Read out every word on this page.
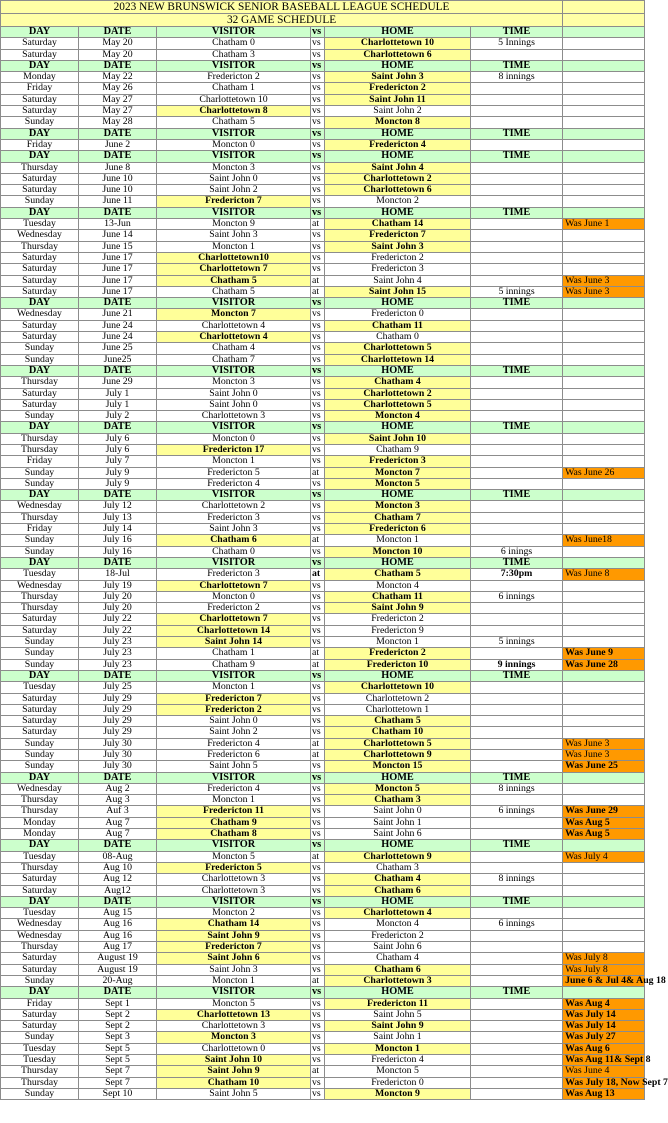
2023 NEW BRUNSWICK SENIOR BASEBALL LEAGUE SCHEDULE						
32 GAME SCHEDULE						
DAY	DATE	VISITOR	vs	HOME	TIME	
Saturday	May 20	Chatham 0	vs	Charlottetown 10	5 Innings	
Saturday	May 20	Chatham 3	vs	Charlottetown 6		
DAY	DATE	VISITOR	vs	HOME	TIME	
Monday	May 22	Fredericton 2	vs	Saint John 3	8 innings	
Friday	May 26	Chatham 1	vs	Fredericton 2		
Saturday	May 27	Charlottetown 10	vs	Saint John 11		
Saturday	May 27	Charlottetown 8	vs	Saint John 2		
Sunday	May 28	Chatham 5	vs	Moncton 8		
DAY	DATE	VISITOR	vs	HOME	TIME	
Friday	June 2	Moncton 0	vs	Fredericton 4		
DAY	DATE	VISITOR	vs	HOME	TIME	
Thursday	June 8	Moncton 3	vs	Saint John 4		
Saturday	June 10	Saint John 0	vs	Charlottetown 2		
Saturday	June 10	Saint John 2	vs	Charlottetown 6		
Sunday	June 11	Fredericton 7	vs	Moncton 2		
DAY	DATE	VISITOR	vs	HOME	TIME	
Tuesday	13-Jun	Moncton 9	at	Chatham 14		Was June 1
Wednesday	June 14	Saint John 3	vs	Fredericton 7		
Thursday	June 15	Moncton 1	vs	Saint John 3		
Saturday	June 17	Charlottetown10	vs	Fredericton 2		
Saturday	June 17	Charlottetown 7	vs	Fredericton 3		
Saturday	June 17	Chatham 5	at	Saint John 4		Was June 3
Saturday	June 17	Chatham 5	at	Saint John 15	5 innings	Was June 3
DAY	DATE	VISITOR	vs	HOME	TIME	
Wednesday	June 21	Moncton 7	vs	Fredericton 0		
Saturday	June 24	Charlottetown 4	vs	Chatham 11		
Saturday	June 24	Charlottetown 4	vs	Chatham 0		
Sunday	June 25	Chatham 4	vs	Charlottetown 5		
Sunday	June25	Chatham 7	vs	Charlottetown 14		
DAY	DATE	VISITOR	vs	HOME	TIME	
Thursday	June 29	Moncton 3	vs	Chatham 4		
Saturday	July 1	Saint John 0	vs	Charlottetown 2		
Saturday	July 1	Saint John 0	vs	Charlottetown 5		
Sunday	July 2	Charlottetown 3	vs	Moncton 4		
DAY	DATE	VISITOR	vs	HOME	TIME	
Thursday	July 6	Moncton 0	vs	Saint John 10		
Thursday	July 6	Fredericton 17	vs	Chatham 9		
Friday	July 7	Moncton 1	vs	Fredericton 3		
Sunday	July 9	Fredericton 5	at	Moncton 7		Was June 26
Sunday	July 9	Fredericton 4	vs	Moncton 5		
DAY	DATE	VISITOR	vs	HOME	TIME	
Wednesday	July 12	Charlottetown 2	vs	Moncton 3		
Thursday	July 13	Fredericton 3	vs	Chatham 7		
Friday	July 14	Saint John 3	vs	Fredericton 6		
Sunday	July 16	Chatham 6	at	Moncton 1		Was June18
Sunday	July 16	Chatham 0	vs	Moncton 10	6 inings	
DAY	DATE	VISITOR	vs	HOME	TIME	
Tuesday	18-Jul	Fredericton 3	at	Chatham 5	7:30pm	Was June 8
Wednesday	July 19	Charlottetown 7	vs	Moncton 4		
Thursday	July 20	Moncton 0	vs	Chatham 11	6 innings	
Thursday	July 20	Fredericton 2	vs	Saint John 9		
Saturday	July 22	Charlottetown 7	vs	Fredericton 2		
Saturday	July 22	Charlottetown 14	vs	Fredericton 9		
Sunday	July 23	Saint John 14	vs	Moncton 1	5 innings	
Sunday	July 23	Chatham 1	at	Fredericton 2		Was June 9
Sunday	July 23	Chatham 9	at	Fredericton 10	9 innings	Was June 28
DAY	DATE	VISITOR	vs	HOME	TIME	
Tuesday	July 25	Moncton 1	vs	Charlottetown 10		
Saturday	July 29	Fredericton 7	vs	Charlottetown 2		
Saturday	July 29	Fredericton 2	vs	Charlottetown 1		
Saturday	July 29	Saint John 0	vs	Chatham 5		
Saturday	July 29	Saint John 2	vs	Chatham 10		
Sunday	July 30	Fredericton 4	at	Charlottetown 5		Was June 3
Sunday	July 30	Fredericton 6	at	Charlottetown 9		Was June 3
Sunday	July 30	Saint John 5	vs	Moncton 15		Was June 25
DAY	DATE	VISITOR	vs	HOME	TIME	
Wednesday	Aug 2	Fredericton 4	vs	Moncton 5	8 innings	
Thursday	Aug 3	Moncton 1	vs	Chatham 3		
Thursday	Auf 3	Fredericton 11	vs	Saint John 0	6 innings	Was June 29
Monday	Aug 7	Chatham 9	vs	Saint John 1		Was Aug 5
Monday	Aug 7	Chatham 8	vs	Saint John 6		Was Aug 5
DAY	DATE	VISITOR	vs	HOME	TIME	
Tuesday	08-Aug	Moncton 5	at	Charlottetown 9		Was July 4
Thursday	Aug 10	Fredericton 5	vs	Chatham 3		
Saturday	Aug 12	Charlottetown 3	vs	Chatham 4	8 innings	
Saturday	Aug12	Charlottetown 3	vs	Chatham 6		
DAY	DATE	VISITOR	vs	HOME	TIME	
Tuesday	Aug 15	Moncton 2	vs	Charlottetown 4		
Wednesday	Aug 16	Chatham 14	vs	Moncton 4	6 innings	
Wednesday	Aug 16	Saint John 9	vs	Fredericton 2		
Thursday	Aug 17	Fredericton 7	vs	Saint John 6		
Saturday	August 19	Saint John 6	vs	Chatham 4		Was July 8
Saturday	August 19	Saint John 3	vs	Chatham 6		Was July 8
Sunday	20-Aug	Moncton 1	at	Charlottetown 3		June 6 & Jul 4& Aug 18
DAY	DATE	VISITOR	vs	HOME	TIME	
Friday	Sept 1	Moncton 5	vs	Fredericton 11		Was Aug 4
Saturday	Sept 2	Charlottetown 13	vs	Saint John 5		Was July 14
Saturday	Sept 2	Charlottetown 3	vs	Saint John 9		Was July 14
Sunday	Sept 3	Moncton 3	vs	Saint John 1		Was July 27
Tuesday	Sept 5	Charlottetown 0	vs	Moncton 1		Was Aug 6
Tuesday	Sept 5	Saint John 10	vs	Fredericton 4		Was Aug 11& Sept 8
Thursday	Sept 7	Saint John 9	at	Moncton 5		Was June 4
Thursday	Sept 7	Chatham 10	vs	Fredericton 0		Was July 18, Now Sept 7
Sunday	Sept 10	Saint John 5	vs	Moncton 9		Was Aug 13
